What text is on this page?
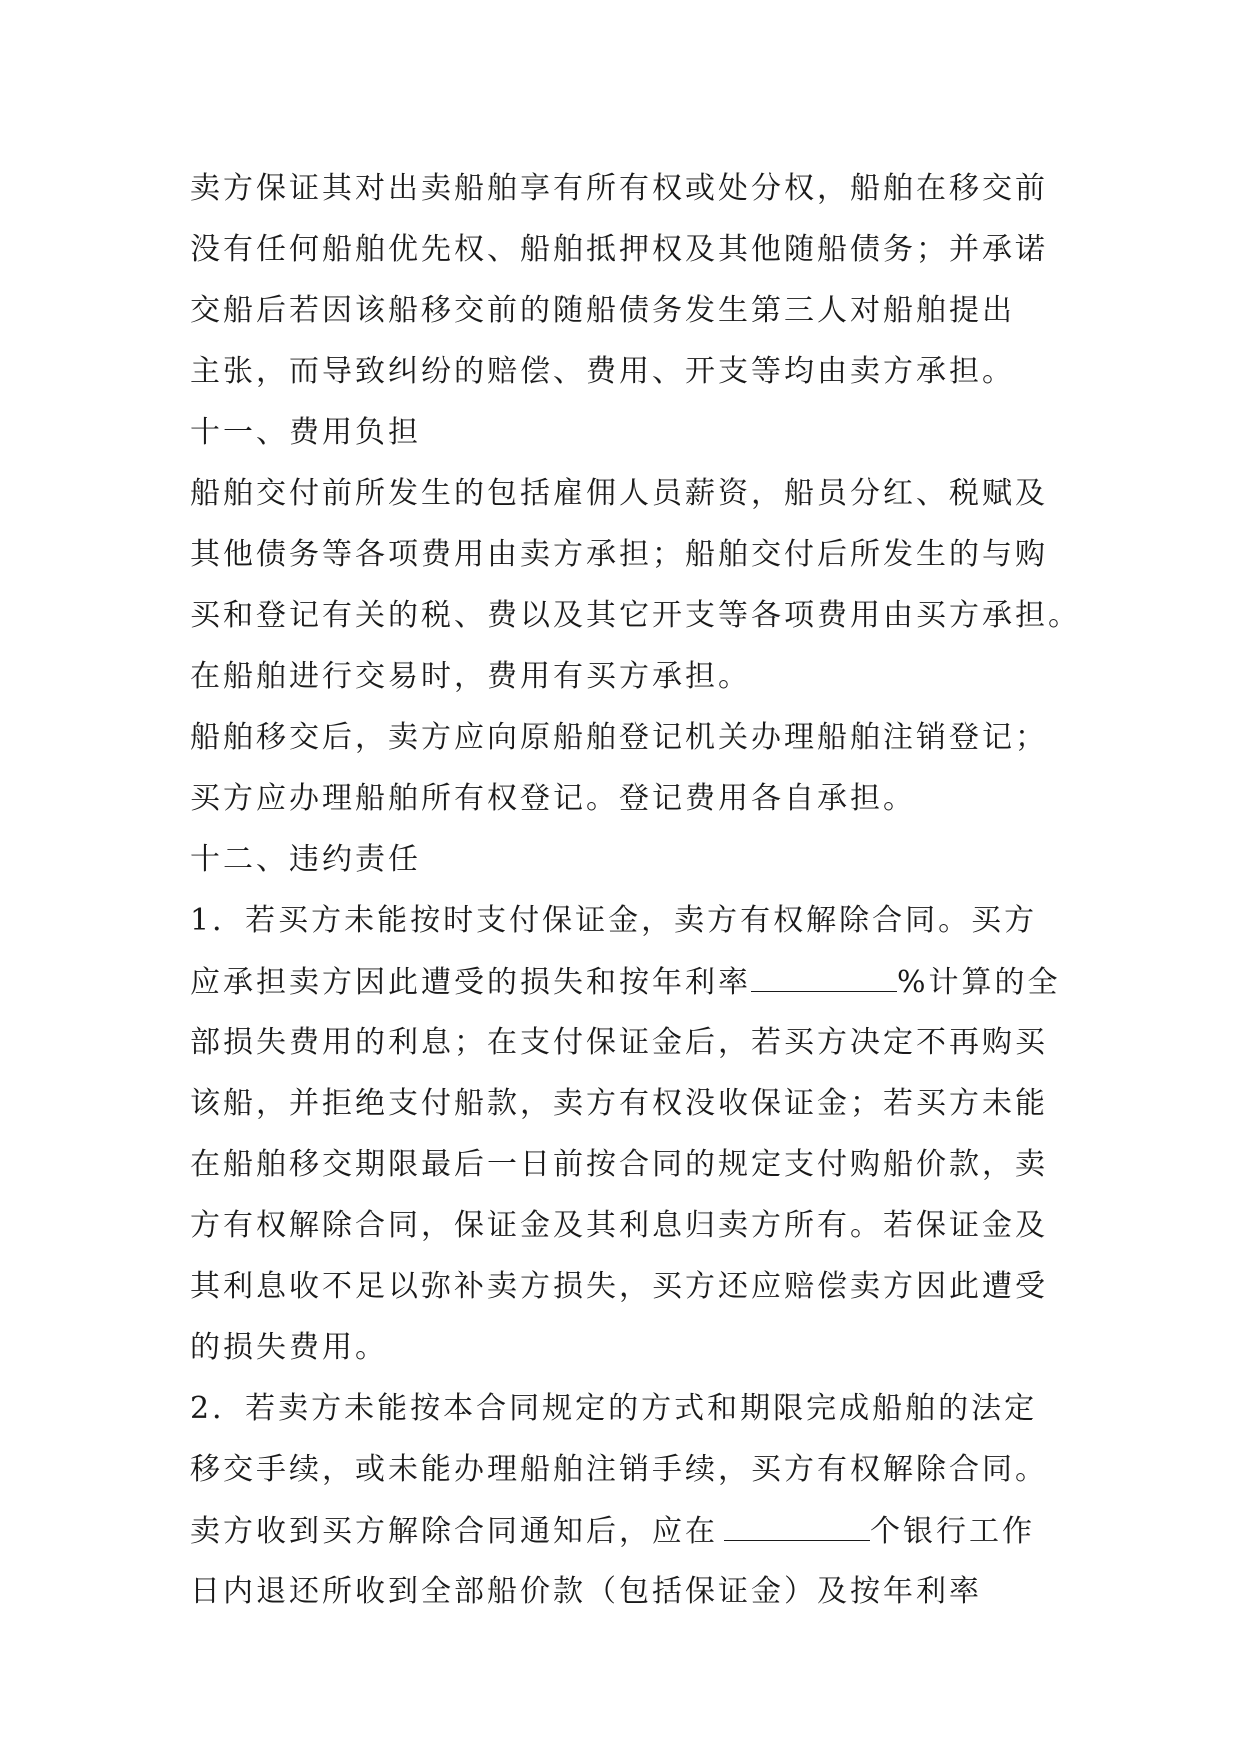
卖方保证其对出卖船舶享有所有权或处分权，船舶在移交前
没有任何船舶优先权、船舶抵押权及其他随船债务；并承诺
交船后若因该船移交前的随船债务发生第三人对船舶提出
主张，而导致纠纷的赔偿、费用、开支等均由卖方承担。
十一、费用负担
船舶交付前所发生的包括雇佣人员薪资，船员分红、税赋及
其他债务等各项费用由卖方承担；船舶交付后所发生的与购
买和登记有关的税、费以及其它开支等各项费用由买方承担。
在船舶进行交易时，费用有买方承担。
船舶移交后，卖方应向原船舶登记机关办理船舶注销登记；
买方应办理船舶所有权登记。登记费用各自承担。
十二、违约责任
1．若买方未能按时支付保证金，卖方有权解除合同。买方
应承担卖方因此遭受的损失和按年利率	%计算的全
部损失费用的利息；在支付保证金后，若买方决定不再购买
该船，并拒绝支付船款，卖方有权没收保证金；若买方未能
在船舶移交期限最后一日前按合同的规定支付购船价款，卖
方有权解除合同，保证金及其利息归卖方所有。若保证金及
其利息收不足以弥补卖方损失，买方还应赔偿卖方因此遭受
的损失费用。
2．若卖方未能按本合同规定的方式和期限完成船舶的法定
移交手续，或未能办理船舶注销手续，买方有权解除合同。
卖方收到买方解除合同通知后，应在	个银行工作
日内退还所收到全部船价款（包括保证金）及按年利率
